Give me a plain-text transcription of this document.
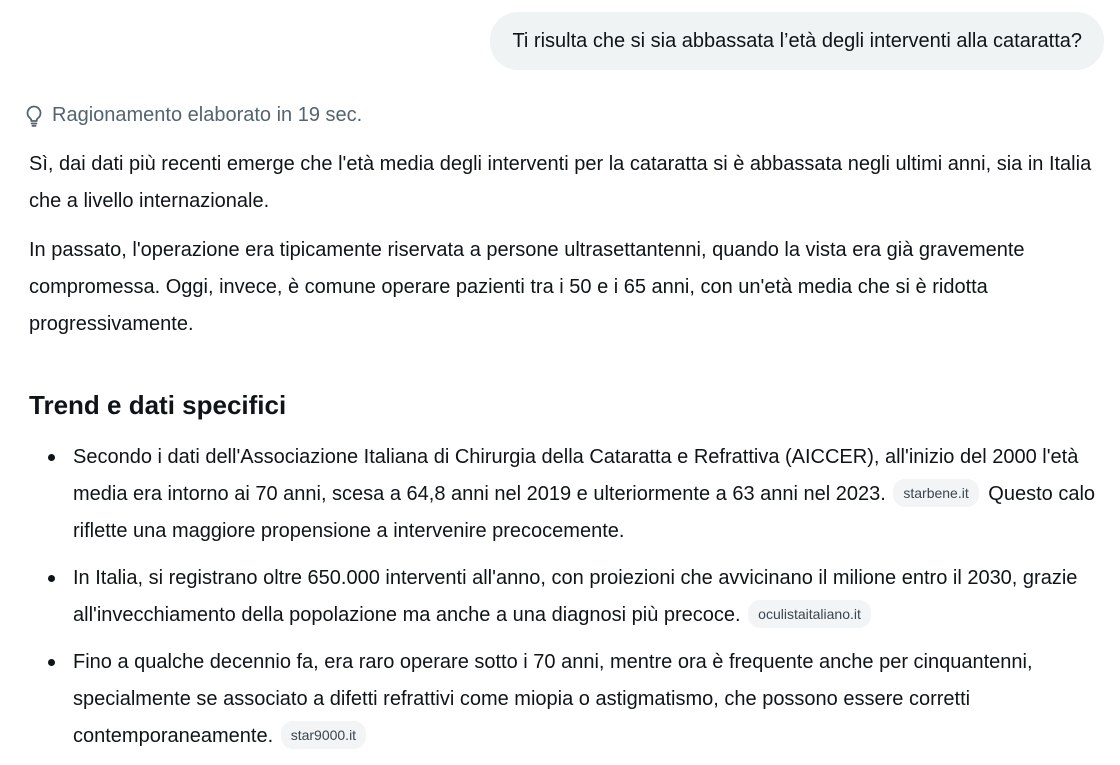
Ti risulta che si sia abbassata l’età degli interventi alla cataratta?
Ragionamento elaborato in 19 sec.

Sì, dai dati più recenti emerge che l'età media degli interventi per la cataratta si è abbassata negli ultimi anni, sia in Italia che a livello internazionale.

In passato, l'operazione era tipicamente riservata a persone ultrasettantenni, quando la vista era già gravemente compromessa. Oggi, invece, è comune operare pazienti tra i 50 e i 65 anni, con un'età media che si è ridotta progressivamente.

Trend e dati specifici
Secondo i dati dell'Associazione Italiana di Chirurgia della Cataratta e Refrattiva (AICCER), all'inizio del 2000 l'età media era intorno ai 70 anni, scesa a 64,8 anni nel 2019 e ulteriormente a 63 anni nel 2023. starbene.it Questo calo riflette una maggiore propensione a intervenire precocemente.
In Italia, si registrano oltre 650.000 interventi all'anno, con proiezioni che avvicinano il milione entro il 2030, grazie all'invecchiamento della popolazione ma anche a una diagnosi più precoce. oculistaitaliano.it
Fino a qualche decennio fa, era raro operare sotto i 70 anni, mentre ora è frequente anche per cinquantenni, specialmente se associato a difetti refrattivi come miopia o astigmatismo, che possono essere corretti contemporaneamente. star9000.it
